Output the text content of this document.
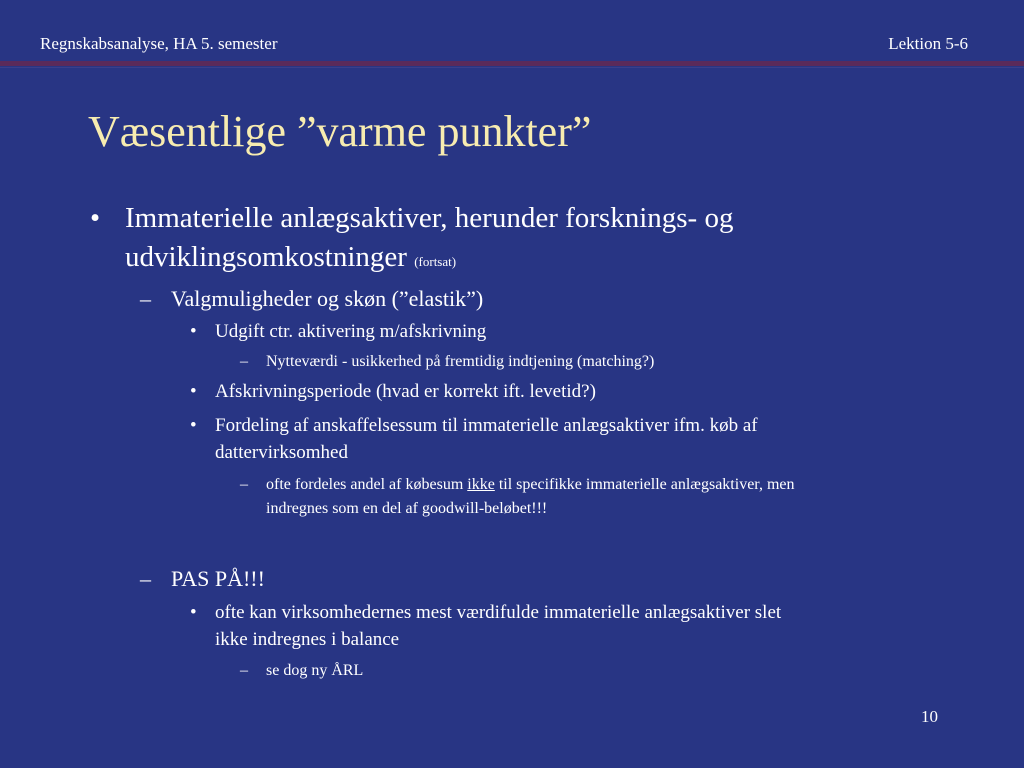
Regnskabsanalyse, HA 5. semester	Lektion 5-6
Væsentlige ”varme punkter”
• Immaterielle anlægsaktiver, herunder forsknings- og
udviklingsomkostninger (fortsat)
– Valgmuligheder og skøn (”elastik”)
• Udgift ctr. aktivering m/afskrivning
– Nytteværdi - usikkerhed på fremtidig indtjening (matching?)
• Afskrivningsperiode (hvad er korrekt ift. levetid?)
• Fordeling af anskaffelsessum til immaterielle anlægsaktiver ifm. køb af
dattervirksomhed
– ofte fordeles andel af købesum ikke til specifikke immaterielle anlægsaktiver, men
indregnes som en del af goodwill-beløbet!!!
– PAS PÅ!!!
• ofte kan virksomhedernes mest værdifulde immaterielle anlægsaktiver slet
ikke indregnes i balance
– se dog ny ÅRL
10
